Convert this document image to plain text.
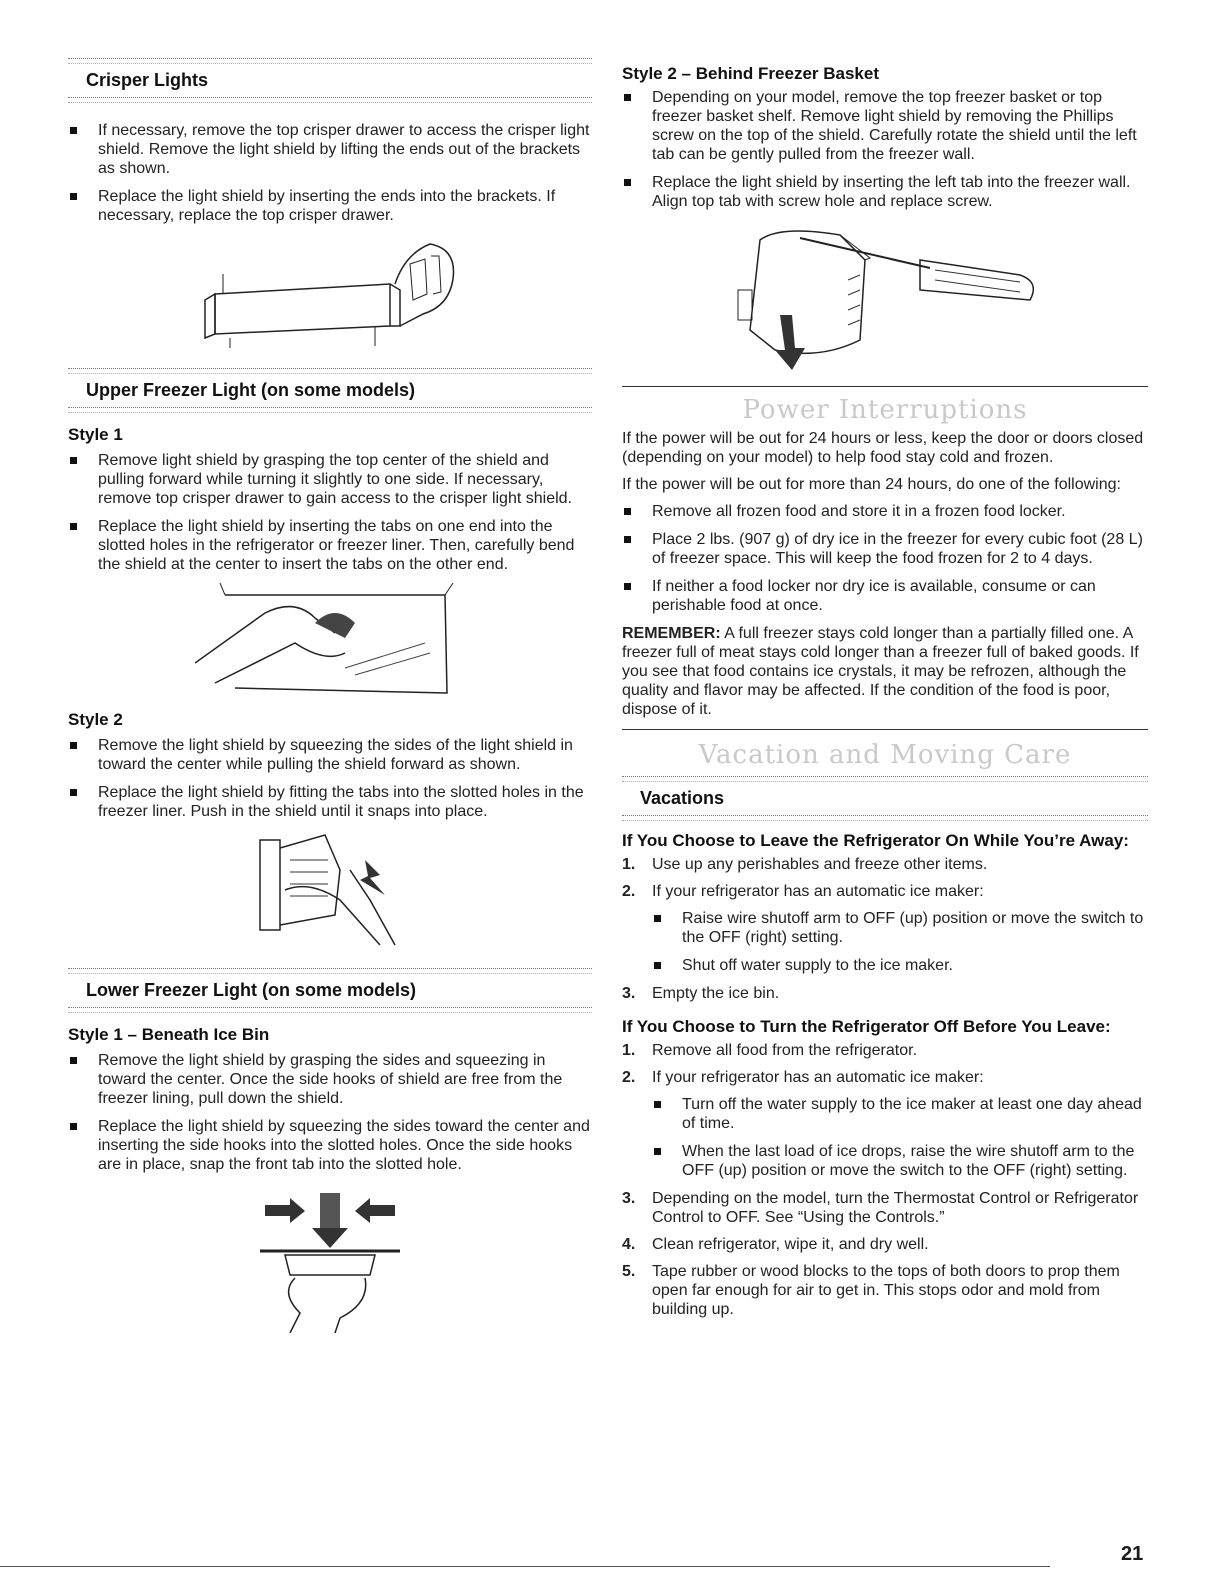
Crisper Lights
If necessary, remove the top crisper drawer to access the crisper light shield. Remove the light shield by lifting the ends out of the brackets as shown.
Replace the light shield by inserting the ends into the brackets. If necessary, replace the top crisper drawer.
Upper Freezer Light (on some models)
Style 1
Remove light shield by grasping the top center of the shield and pulling forward while turning it slightly to one side. If necessary, remove top crisper drawer to gain access to the crisper light shield.
Replace the light shield by inserting the tabs on one end into the slotted holes in the refrigerator or freezer liner. Then, carefully bend the shield at the center to insert the tabs on the other end.
Style 2
Remove the light shield by squeezing the sides of the light shield in toward the center while pulling the shield forward as shown.
Replace the light shield by fitting the tabs into the slotted holes in the freezer liner. Push in the shield until it snaps into place.
Lower Freezer Light (on some models)
Style 1 – Beneath Ice Bin
Remove the light shield by grasping the sides and squeezing in toward the center. Once the side hooks of shield are free from the freezer lining, pull down the shield.
Replace the light shield by squeezing the sides toward the center and inserting the side hooks into the slotted holes. Once the side hooks are in place, snap the front tab into the slotted hole.
Style 2 – Behind Freezer Basket
Depending on your model, remove the top freezer basket or top freezer basket shelf. Remove light shield by removing the Phillips screw on the top of the shield. Carefully rotate the shield until the left tab can be gently pulled from the freezer wall.
Replace the light shield by inserting the left tab into the freezer wall. Align top tab with screw hole and replace screw.
Power Interruptions

If the power will be out for 24 hours or less, keep the door or doors closed (depending on your model) to help food stay cold and frozen.

If the power will be out for more than 24 hours, do one of the following:

Remove all frozen food and store it in a frozen food locker.
Place 2 lbs. (907 g) of dry ice in the freezer for every cubic foot (28 L) of freezer space. This will keep the food frozen for 2 to 4 days.
If neither a food locker nor dry ice is available, consume or can perishable food at once.

REMEMBER: A full freezer stays cold longer than a partially filled one. A freezer full of meat stays cold longer than a freezer full of baked goods. If you see that food contains ice crystals, it may be refrozen, although the quality and flavor may be affected. If the condition of the food is poor, dispose of it.

Vacation and Moving Care
Vacations
If You Choose to Leave the Refrigerator On While You’re Away:
1. Use up any perishables and freeze other items.
2. If your refrigerator has an automatic ice maker:
Raise wire shutoff arm to OFF (up) position or move the switch to the OFF (right) setting.
Shut off water supply to the ice maker.
3. Empty the ice bin.
If You Choose to Turn the Refrigerator Off Before You Leave:
1. Remove all food from the refrigerator.
2. If your refrigerator has an automatic ice maker:
Turn off the water supply to the ice maker at least one day ahead of time.
When the last load of ice drops, raise the wire shutoff arm to the OFF (up) position or move the switch to the OFF (right) setting.
3. Depending on the model, turn the Thermostat Control or Refrigerator Control to OFF. See “Using the Controls.”
4. Clean refrigerator, wipe it, and dry well.
5. Tape rubber or wood blocks to the tops of both doors to prop them open far enough for air to get in. This stops odor and mold from building up.
21
